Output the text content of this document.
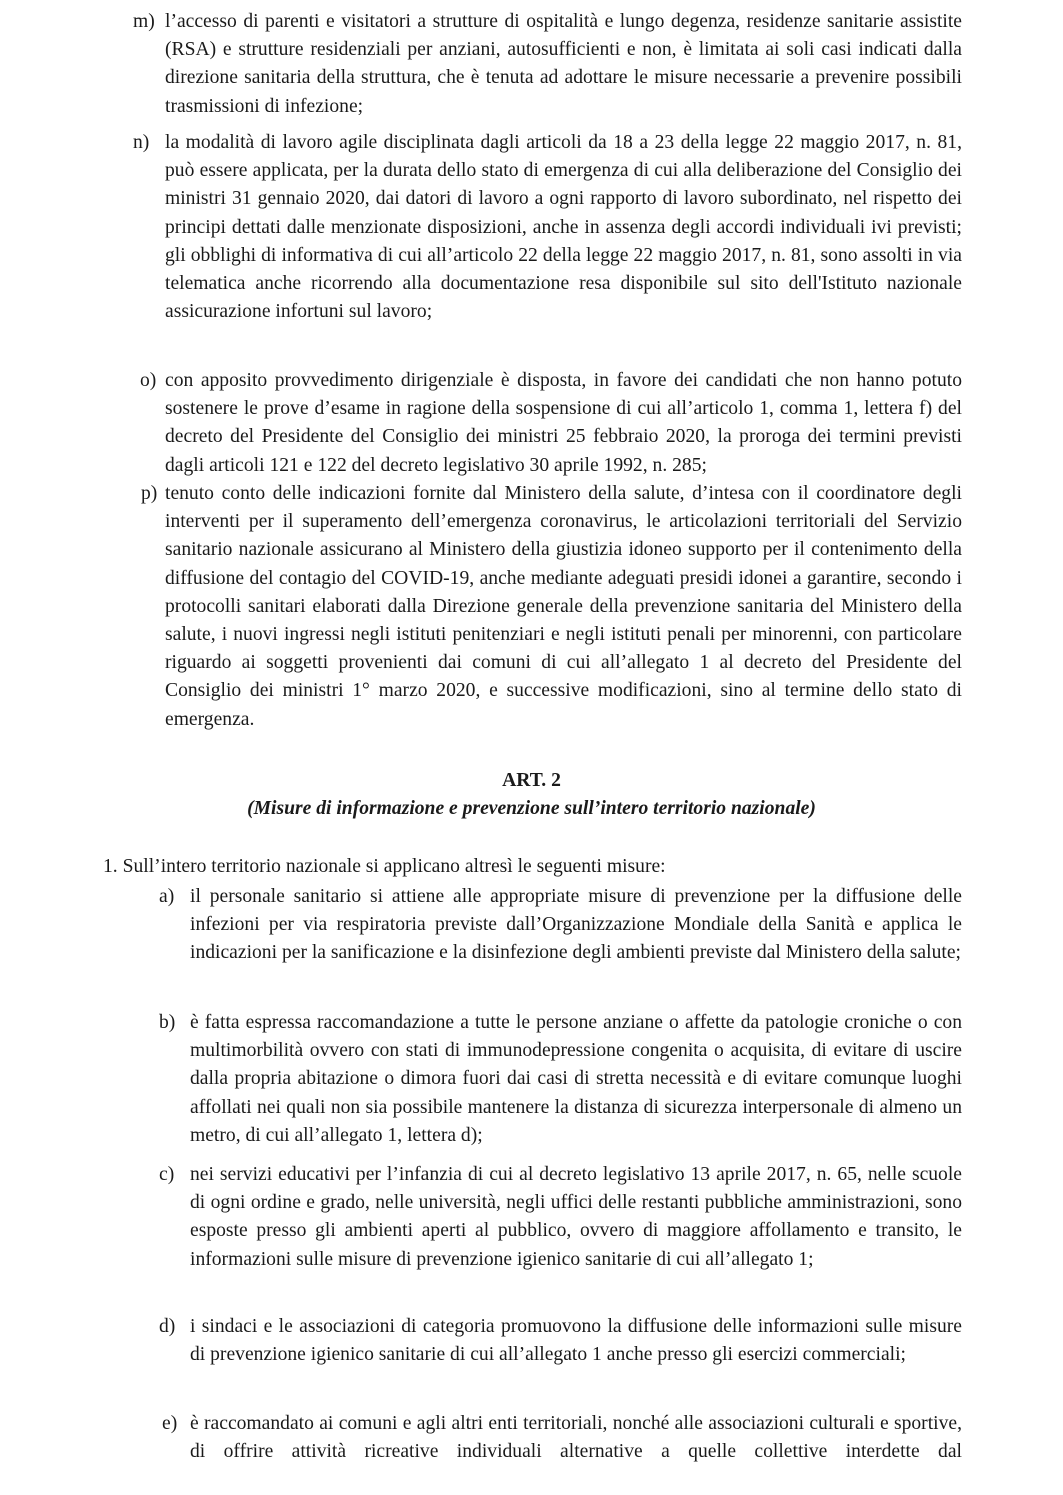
m) l’accesso di parenti e visitatori a strutture di ospitalità e lungo degenza, residenze sanitarie assistite (RSA) e strutture residenziali per anziani, autosufficienti e non, è limitata ai soli casi indicati dalla direzione sanitaria della struttura, che è tenuta ad adottare le misure necessarie a prevenire possibili trasmissioni di infezione;
n) la modalità di lavoro agile disciplinata dagli articoli da 18 a 23 della legge 22 maggio 2017, n. 81, può essere applicata, per la durata dello stato di emergenza di cui alla deliberazione del Consiglio dei ministri 31 gennaio 2020, dai datori di lavoro a ogni rapporto di lavoro subordinato, nel rispetto dei principi dettati dalle menzionate disposizioni, anche in assenza degli accordi individuali ivi previsti; gli obblighi di informativa di cui all’articolo 22 della legge 22 maggio 2017, n. 81, sono assolti in via telematica anche ricorrendo alla documentazione resa disponibile sul sito dell'Istituto nazionale assicurazione infortuni sul lavoro;
o) con apposito provvedimento dirigenziale è disposta, in favore dei candidati che non hanno potuto sostenere le prove d’esame in ragione della sospensione di cui all’articolo 1, comma 1, lettera f) del decreto del Presidente del Consiglio dei ministri 25 febbraio 2020, la proroga dei termini previsti dagli articoli 121 e 122 del decreto legislativo 30 aprile 1992, n. 285;
p) tenuto conto delle indicazioni fornite dal Ministero della salute, d’intesa con il coordinatore degli interventi per il superamento dell’emergenza coronavirus, le articolazioni territoriali del Servizio sanitario nazionale assicurano al Ministero della giustizia idoneo supporto per il contenimento della diffusione del contagio del COVID-19, anche mediante adeguati presidi idonei a garantire, secondo i protocolli sanitari elaborati dalla Direzione generale della prevenzione sanitaria del Ministero della salute, i nuovi ingressi negli istituti penitenziari e negli istituti penali per minorenni, con particolare riguardo ai soggetti provenienti dai comuni di cui all’allegato 1 al decreto del Presidente del Consiglio dei ministri 1° marzo 2020, e successive modificazioni, sino al termine dello stato di emergenza.
ART. 2
(Misure di informazione e prevenzione sull’intero territorio nazionale)
1. Sull’intero territorio nazionale si applicano altresì le seguenti misure:
a) il personale sanitario si attiene alle appropriate misure di prevenzione per la diffusione delle infezioni per via respiratoria previste dall’Organizzazione Mondiale della Sanità e applica le indicazioni per la sanificazione e la disinfezione degli ambienti previste dal Ministero della salute;
b) è fatta espressa raccomandazione a tutte le persone anziane o affette da patologie croniche o con multimorbilità ovvero con stati di immunodepressione congenita o acquisita, di evitare di uscire dalla propria abitazione o dimora fuori dai casi di stretta necessità e di evitare comunque luoghi affollati nei quali non sia possibile mantenere la distanza di sicurezza interpersonale di almeno un metro, di cui all’allegato 1, lettera d);
c) nei servizi educativi per l’infanzia di cui al decreto legislativo 13 aprile 2017, n. 65, nelle scuole di ogni ordine e grado, nelle università, negli uffici delle restanti pubbliche amministrazioni, sono esposte presso gli ambienti aperti al pubblico, ovvero di maggiore affollamento e transito, le informazioni sulle misure di prevenzione igienico sanitarie di cui all’allegato 1;
d) i sindaci e le associazioni di categoria promuovono la diffusione delle informazioni sulle misure di prevenzione igienico sanitarie di cui all’allegato 1 anche presso gli esercizi commerciali;
e) è raccomandato ai comuni e agli altri enti territoriali, nonché alle associazioni culturali e sportive, di offrire attività ricreative individuali alternative a quelle collettive interdette dal
